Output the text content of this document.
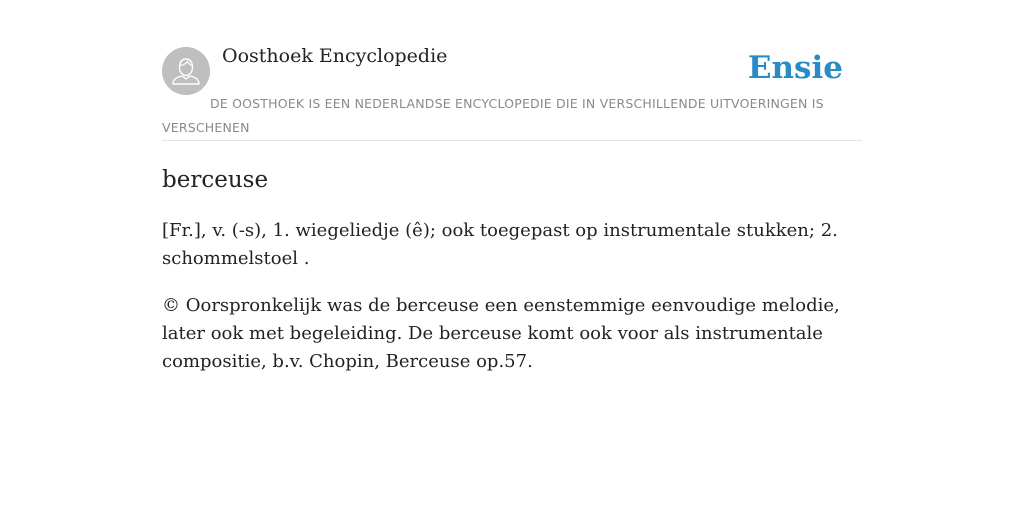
Oosthoek Encyclopedie	Ensie
DE OOSTHOEK IS EEN NEDERLANDSE ENCYCLOPEDIE DIE IN VERSCHILLENDE UITVOERINGEN IS VERSCHENEN
berceuse

[Fr.], v. (-s), 1. wiegeliedje (ê); ook toegepast op instrumentale stukken; 2. schommelstoel .

© Oorspronkelijk was de berceuse een eenstemmige eenvoudige melodie, later ook met begeleiding. De berceuse komt ook voor als instrumentale compositie, b.v. Chopin, Berceuse op.57.
